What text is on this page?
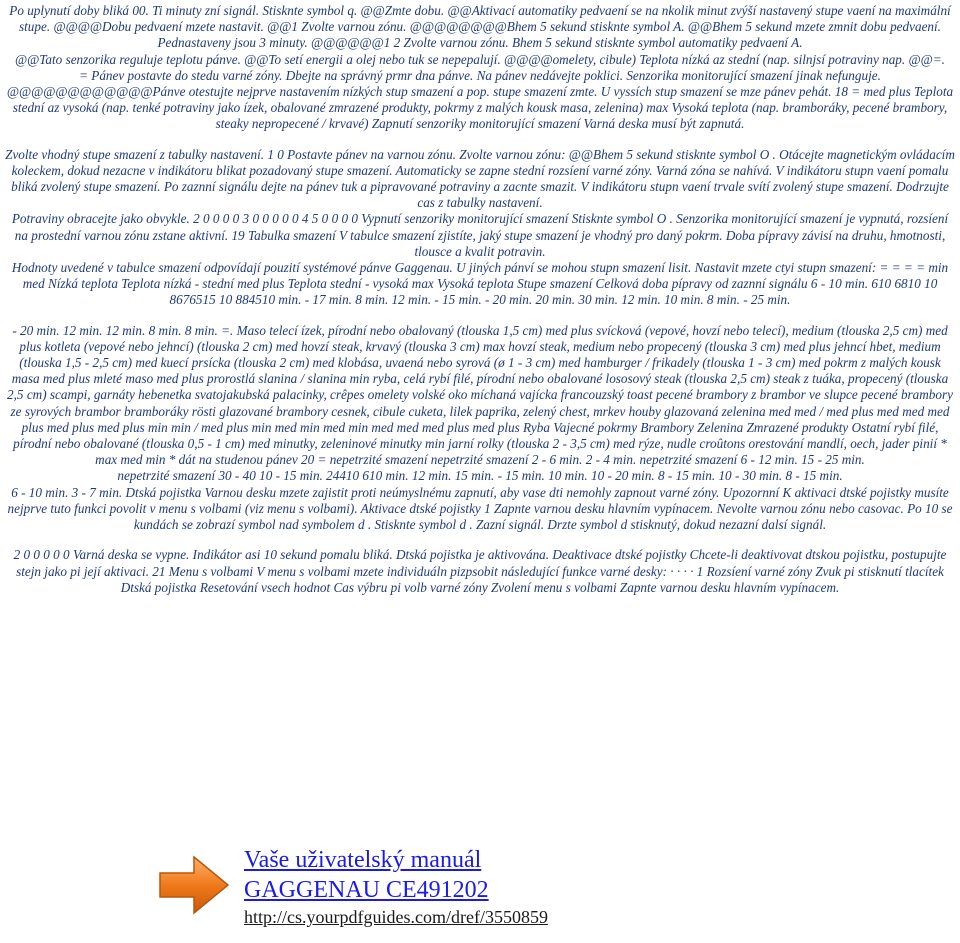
Po uplynutí doby bliká 00. Ti minuty zní signál. Stisknte symbol q. @@Zmte dobu. @@Aktivací automatiky pedvaení se na nkolik minut zvýší nastavený stupe vaení na maximální stupe. @@@@Dobu pedvaení mzete nastavit. @@1 Zvolte varnou zónu. @@@@@@@@Bhem 5 sekund stisknte symbol A. @@Bhem 5 sekund mzete zmnit dobu pedvaení. Pednastaveny jsou 3 minuty. @@@@@@1 2 Zvolte varnou zónu. Bhem 5 sekund stisknte symbol automatiky pedvaení A.

@@Tato senzorika reguluje teplotu pánve. @@To setí energii a olej nebo tuk se nepepalují. @@@@omelety, cibule) Teplota nízká az stední (nap. silnjsí potraviny nap. @@=.

= Pánev postavte do stedu varné zóny. Dbejte na správný prmr dna pánve. Na pánev nedávejte poklici. Senzorika monitorující smazení jinak nefunguje. @@@@@@@@@@@@Pánve otestujte nejprve nastavením nízkých stup smazení a pop. stupe smazení zmte. U vyssích stup smazení se mze pánev pehát. 18 = med plus Teplota stední az vysoká (nap. tenké potraviny jako ízek, obalované zmrazené produkty, pokrmy z malých kousk masa, zelenina) max Vysoká teplota (nap. bramboráky, pecené brambory, steaky nepropecené / krvavé) Zapnutí senzoriky monitorující smazení Varná deska musí být zapnutá.

Zvolte vhodný stupe smazení z tabulky nastavení. 1 0 Postavte pánev na varnou zónu. Zvolte varnou zónu: @@Bhem 5 sekund stisknte symbol O . Otácejte magnetickým ovládacím koleckem, dokud nezacne v indikátoru blikat pozadovaný stupe smazení. Automaticky se zapne stední rozsíení varné zóny. Varná zóna se nahívá. V indikátoru stupn vaení pomalu bliká zvolený stupe smazení. Po zaznní signálu dejte na pánev tuk a pipravované potraviny a zacnte smazit. V indikátoru stupn vaení trvale svítí zvolený stupe smazení. Dodrzujte cas z tabulky nastavení.

Potraviny obracejte jako obvykle. 2 0 0 0 0 3 0 0 0 0 0 4 5 0 0 0 0 Vypnutí senzoriky monitorující smazení Stisknte symbol O . Senzorika monitorující smazení je vypnutá, rozsíení na prostední varnou zónu zstane aktivní. 19 Tabulka smazení V tabulce smazení zjistíte, jaký stupe smazení je vhodný pro daný pokrm. Doba pípravy závisí na druhu, hmotnosti, tlousce a kvalit potravin.

Hodnoty uvedené v tabulce smazení odpovídají pouzití systémové pánve Gaggenau. U jiných pánví se mohou stupn smazení lisit. Nastavit mzete ctyi stupn smazení: = = = = min med Nízká teplota Teplota nízká - stední med plus Teplota stední - vysoká max Vysoká teplota Stupe smazení Celková doba pípravy od zaznní signálu 6 - 10 min. 610 6810 10 8676515 10 884510 min. - 17 min. 8 min. 12 min. - 15 min. - 20 min. 20 min. 30 min. 12 min. 10 min. 8 min. - 25 min.

- 20 min. 12 min. 12 min. 8 min. 8 min. =. Maso telecí ízek, pírodní nebo obalovaný (tlouska 1,5 cm) med plus svícková (vepové, hovzí nebo telecí), medium (tlouska 2,5 cm) med plus kotleta (vepové nebo jehncí) (tlouska 2 cm) med hovzí steak, krvavý (tlouska 3 cm) max hovzí steak, medium nebo propecený (tlouska 3 cm) med plus jehncí hbet, medium (tlouska 1,5 - 2,5 cm) med kuecí prsícka (tlouska 2 cm) med klobása, uvaená nebo syrová (ø 1 - 3 cm) med hamburger / frikadely (tlouska 1 - 3 cm) med pokrm z malých kousk masa med plus mleté maso med plus prorostlá slanina / slanina min ryba, celá rybí filé, pírodní nebo obalované lososový steak (tlouska 2,5 cm) steak z tuáka, propecený (tlouska 2,5 cm) scampi, garnáty hebenetka svatojakubská palacinky, crêpes omelety volské oko míchaná vajícka francouzský toast pecené brambory z brambor ve slupce pecené brambory ze syrových brambor bramboráky rösti glazované brambory cesnek, cibule cuketa, lilek paprika, zelený chest, mrkev houby glazovaná zelenina med med / med plus med med med plus med plus med plus min min / med plus min med min med min med med med plus med plus Ryba Vajecné pokrmy Brambory Zelenina Zmrazené produkty Ostatní rybí filé, pírodní nebo obalované (tlouska 0,5 - 1 cm) med minutky, zeleninové minutky min jarní rolky (tlouska 2 - 3,5 cm) med rýze, nudle croûtons orestování mandlí, oech, jader pinií * max med min * dát na studenou pánev 20 = nepetrzité smazení nepetrzité smazení 2 - 6 min. 2 - 4 min. nepetrzité smazení 6 - 12 min. 15 - 25 min.

nepetrzité smazení 30 - 40 10 - 15 min. 24410 610 min. 12 min. 15 min. - 15 min. 10 min. 10 - 20 min. 8 - 15 min. 10 - 30 min. 8 - 15 min.

6 - 10 min. 3 - 7 min. Dtská pojistka Varnou desku mzete zajistit proti neúmyslnému zapnutí, aby vase dti nemohly zapnout varné zóny. Upozornní K aktivaci dtské pojistky musíte nejprve tuto funkci povolit v menu s volbami (viz menu s volbami). Aktivace dtské pojistky 1 Zapnte varnou desku hlavním vypínacem. Nevolte varnou zónu nebo casovac. Po 10 se kundách se zobrazí symbol nad symbolem d . Stisknte symbol d . Zazní signál. Drzte symbol d stisknutý, dokud nezazní dalsí signál.

2 0 0 0 0 0 Varná deska se vypne. Indikátor asi 10 sekund pomalu bliká. Dtská pojistka je aktivována. Deaktivace dtské pojistky Chcete-li deaktivovat dtskou pojistku, postupujte stejn jako pi její aktivaci. 21 Menu s volbami V menu s volbami mzete individuáln pizpsobit následující funkce varné desky: · · · · 1 Rozsíení varné zóny Zvuk pi stisknutí tlacítek Dtská pojistka Resetování vsech hodnot Cas výbru pi volb varné zóny Zvolení menu s volbami Zapnte varnou desku hlavním vypínacem.

Vaše uživatelský manuál
GAGGENAU CE491202
http://cs.yourpdfguides.com/dref/3550859
